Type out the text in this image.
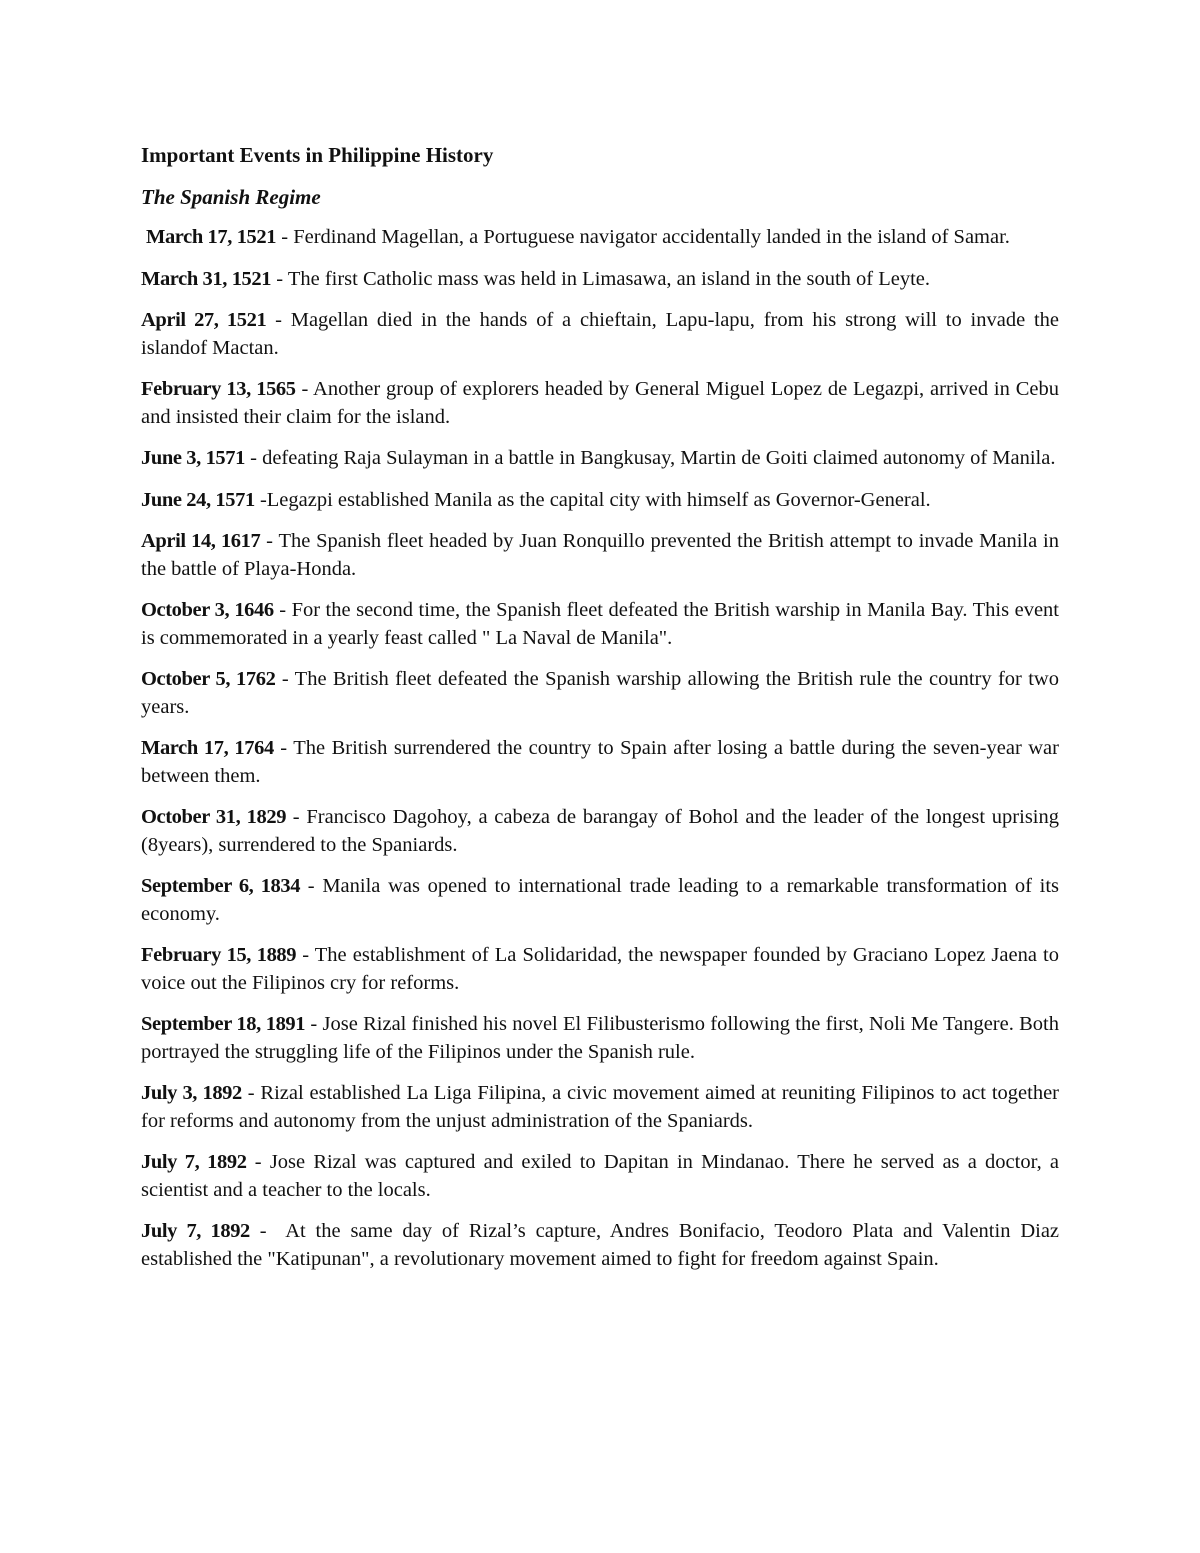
Important Events in Philippine History
The Spanish Regime

March 17, 1521 - Ferdinand Magellan, a Portuguese navigator accidentally landed in the island of Samar.

March 31, 1521 - The first Catholic mass was held in Limasawa, an island in the south of Leyte.

April 27, 1521 - Magellan died in the hands of a chieftain, Lapu-lapu, from his strong will to invade the islandof Mactan.

February 13, 1565 - Another group of explorers headed by General Miguel Lopez de Legazpi, arrived in Cebu and insisted their claim for the island.

June 3, 1571 - defeating Raja Sulayman in a battle in Bangkusay, Martin de Goiti claimed autonomy of Manila.

June 24, 1571 -Legazpi established Manila as the capital city with himself as Governor-General.

April 14, 1617 - The Spanish fleet headed by Juan Ronquillo prevented the British attempt to invade Manila in the battle of Playa-Honda.

October 3, 1646 - For the second time, the Spanish fleet defeated the British warship in Manila Bay. This event is commemorated in a yearly feast called " La Naval de Manila".

October 5, 1762 - The British fleet defeated the Spanish warship allowing the British rule the country for two years.

March 17, 1764 - The British surrendered the country to Spain after losing a battle during the seven-year war between them.

October 31, 1829 - Francisco Dagohoy, a cabeza de barangay of Bohol and the leader of the longest uprising (8years), surrendered to the Spaniards.

September 6, 1834 - Manila was opened to international trade leading to a remarkable transformation of its economy.

February 15, 1889 - The establishment of La Solidaridad, the newspaper founded by Graciano Lopez Jaena to voice out the Filipinos cry for reforms.

September 18, 1891 - Jose Rizal finished his novel El Filibusterismo following the first, Noli Me Tangere. Both portrayed the struggling life of the Filipinos under the Spanish rule.

July 3, 1892 - Rizal established La Liga Filipina, a civic movement aimed at reuniting Filipinos to act together for reforms and autonomy from the unjust administration of the Spaniards.

July 7, 1892 - Jose Rizal was captured and exiled to Dapitan in Mindanao. There he served as a doctor, a scientist and a teacher to the locals.

July 7, 1892 -  At the same day of Rizal’s capture, Andres Bonifacio, Teodoro Plata and Valentin Diaz established the "Katipunan", a revolutionary movement aimed to fight for freedom against Spain.
